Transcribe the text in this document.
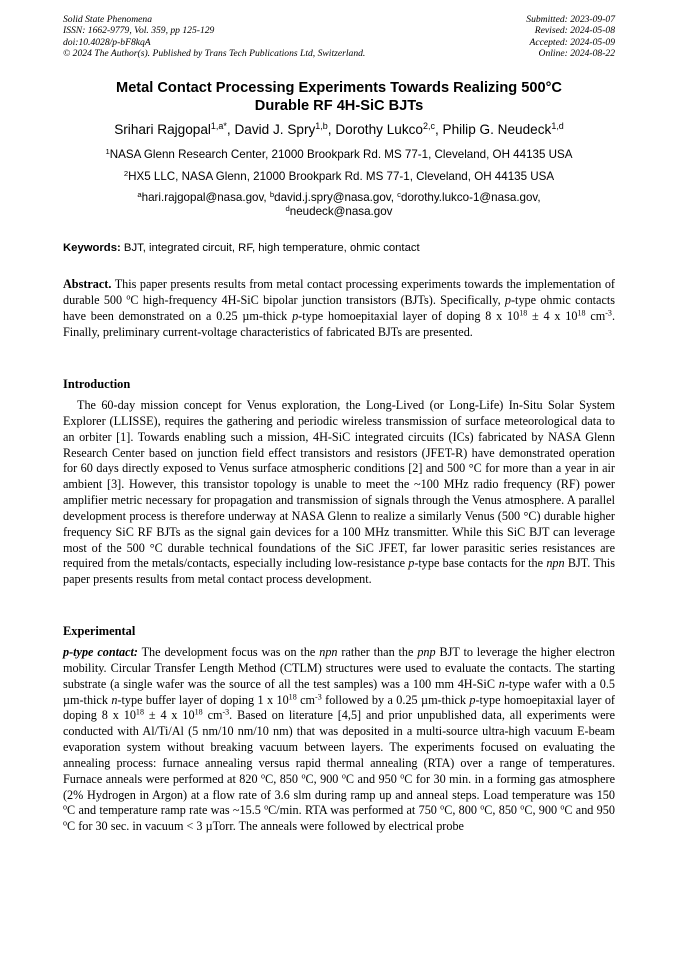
Solid State Phenomena
ISSN: 1662-9779, Vol. 359, pp 125-129
doi:10.4028/p-bF8kqA
© 2024 The Author(s). Published by Trans Tech Publications Ltd, Switzerland.
Submitted: 2023-09-07
Revised: 2024-05-08
Accepted: 2024-05-09
Online: 2024-08-22
Metal Contact Processing Experiments Towards Realizing 500°C
Durable RF 4H-SiC BJTs
Srihari Rajgopal$^{1,a*}$, David J. Spry$^{1,b}$, Dorothy Lukco$^{2,c}$, Philip G. Neudeck$^{1,d}$
$^1$NASA Glenn Research Center, 21000 Brookpark Rd. MS 77-1, Cleveland, OH 44135 USA
$^2$HX5 LLC, NASA Glenn, 21000 Brookpark Rd. MS 77-1, Cleveland, OH 44135 USA
$^a$hari.rajgopal@nasa.gov, $^b$david.j.spry@nasa.gov, $^c$dorothy.lukco-1@nasa.gov,
$^d$neudeck@nasa.gov
Keywords: BJT, integrated circuit, RF, high temperature, ohmic contact
Abstract. This paper presents results from metal contact processing experiments towards the implementation of durable 500 $^o$C high-frequency 4H-SiC bipolar junction transistors (BJTs). Specifically, p-type ohmic contacts have been demonstrated on a 0.25 µm-thick p-type homoepitaxial layer of doping 8 x $10^{18} \pm 4$ x $10^{18}$ $cm^{-3}$. Finally, preliminary current-voltage characteristics of fabricated BJTs are presented.
Introduction
The 60-day mission concept for Venus exploration, the Long-Lived (or Long-Life) In-Situ Solar System Explorer (LLISSE), requires the gathering and periodic wireless transmission of surface meteorological data to an orbiter [1]. Towards enabling such a mission, 4H-SiC integrated circuits (ICs) fabricated by NASA Glenn Research Center based on junction field effect transistors and resistors (JFET-R) have demonstrated operation for 60 days directly exposed to Venus surface atmospheric conditions [2] and 500 °C for more than a year in air ambient [3]. However, this transistor topology is unable to meet the ~100 MHz radio frequency (RF) power amplifier metric necessary for propagation and transmission of signals through the Venus atmosphere. A parallel development process is therefore underway at NASA Glenn to realize a similarly Venus (500 °C) durable higher frequency SiC RF BJTs as the signal gain devices for a 100 MHz transmitter. While this SiC BJT can leverage most of the 500 °C durable technical foundations of the SiC JFET, far lower parasitic series resistances are required from the metals/contacts, especially including low-resistance p-type base contacts for the npn BJT. This paper presents results from metal contact process development.
Experimental
p-type contact: The development focus was on the npn rather than the pnp BJT to leverage the higher electron mobility. Circular Transfer Length Method (CTLM) structures were used to evaluate the contacts. The starting substrate (a single wafer was the source of all the test samples) was a 100 mm 4H-SiC n-type wafer with a 0.5 µm-thick n-type buffer layer of doping 1 x $10^{18}$ $cm^{-3}$ followed by a 0.25 µm-thick p-type homoepitaxial layer of doping 8 x $10^{18} \pm 4$ x $10^{18}$ $cm^{-3}$. Based on literature [4,5] and prior unpublished data, all experiments were conducted with Al/Ti/Al (5 nm/10 nm/10 nm) that was deposited in a multi-source ultra-high vacuum E-beam evaporation system without breaking vacuum between layers. The experiments focused on evaluating the annealing process: furnace annealing versus rapid thermal annealing (RTA) over a range of temperatures. Furnace anneals were performed at 820 $^o$C, 850 $^o$C, 900 $^o$C and 950 $^o$C for 30 min. in a forming gas atmosphere (2% Hydrogen in Argon) at a flow rate of 3.6 slm during ramp up and anneal steps. Load temperature was 150 $^o$C and temperature ramp rate was ~15.5 $^o$C/min. RTA was performed at 750 $^o$C, 800 $^o$C, 850 $^o$C, 900 $^o$C and 950 $^o$C for 30 sec. in vacuum < 3 µTorr. The anneals were followed by electrical probe
